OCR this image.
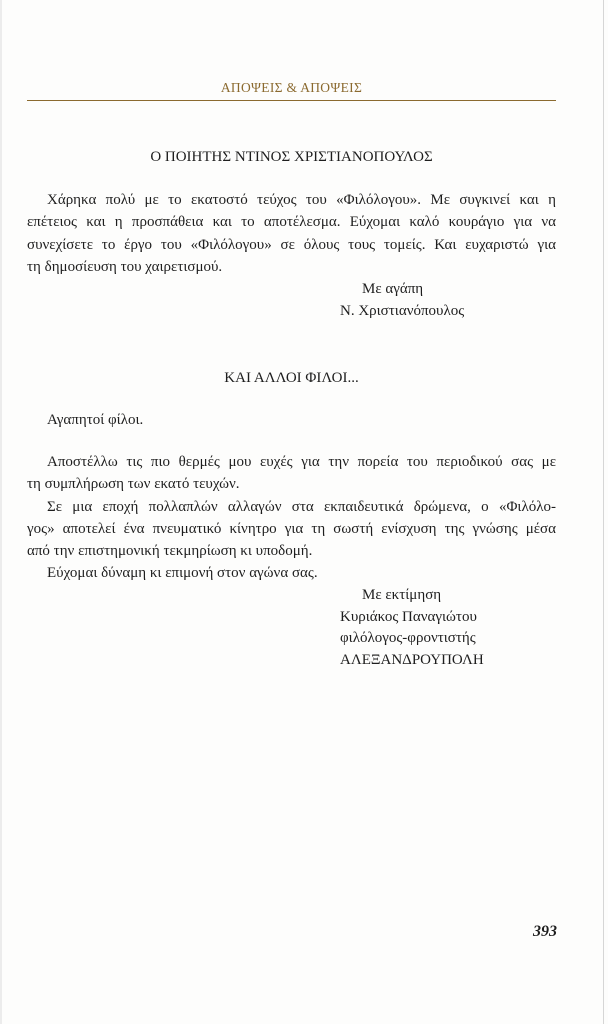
ΑΠΟΨΕΙΣ & ΑΠΟΨΕΙΣ
Ο ΠΟΙΗΤΗΣ ΝΤΙΝΟΣ ΧΡΙΣΤΙΑΝΟΠΟΥΛΟΣ
Χάρηκα πολύ με το εκατοστό τεύχος του «Φιλόλογου». Με συγκινεί και η
επέτειος και η προσπάθεια και το αποτέλεσμα. Εύχομαι καλό κουράγιο για να
συνεχίσετε το έργο του «Φιλόλογου» σε όλους τους τομείς. Και ευχαριστώ για
τη δημοσίευση του χαιρετισμού.
Με αγάπη
Ν. Χριστιανόπουλος
ΚΑΙ ΑΛΛΟΙ ΦΙΛΟΙ...
Αγαπητοί φίλοι.
Αποστέλλω τις πιο θερμές μου ευχές για την πορεία του περιοδικού σας με
τη συμπλήρωση των εκατό τευχών.
Σε μια εποχή πολλαπλών αλλαγών στα εκπαιδευτικά δρώμενα, ο «Φιλόλο-
γος» αποτελεί ένα πνευματικό κίνητρο για τη σωστή ενίσχυση της γνώσης μέσα
από την επιστημονική τεκμηρίωση κι υποδομή.
Εύχομαι δύναμη κι επιμονή στον αγώνα σας.
Με εκτίμηση
Κυριάκος Παναγιώτου
φιλόλογος-φροντιστής
ΑΛΕΞΑΝΔΡΟΥΠΟΛΗ
393
